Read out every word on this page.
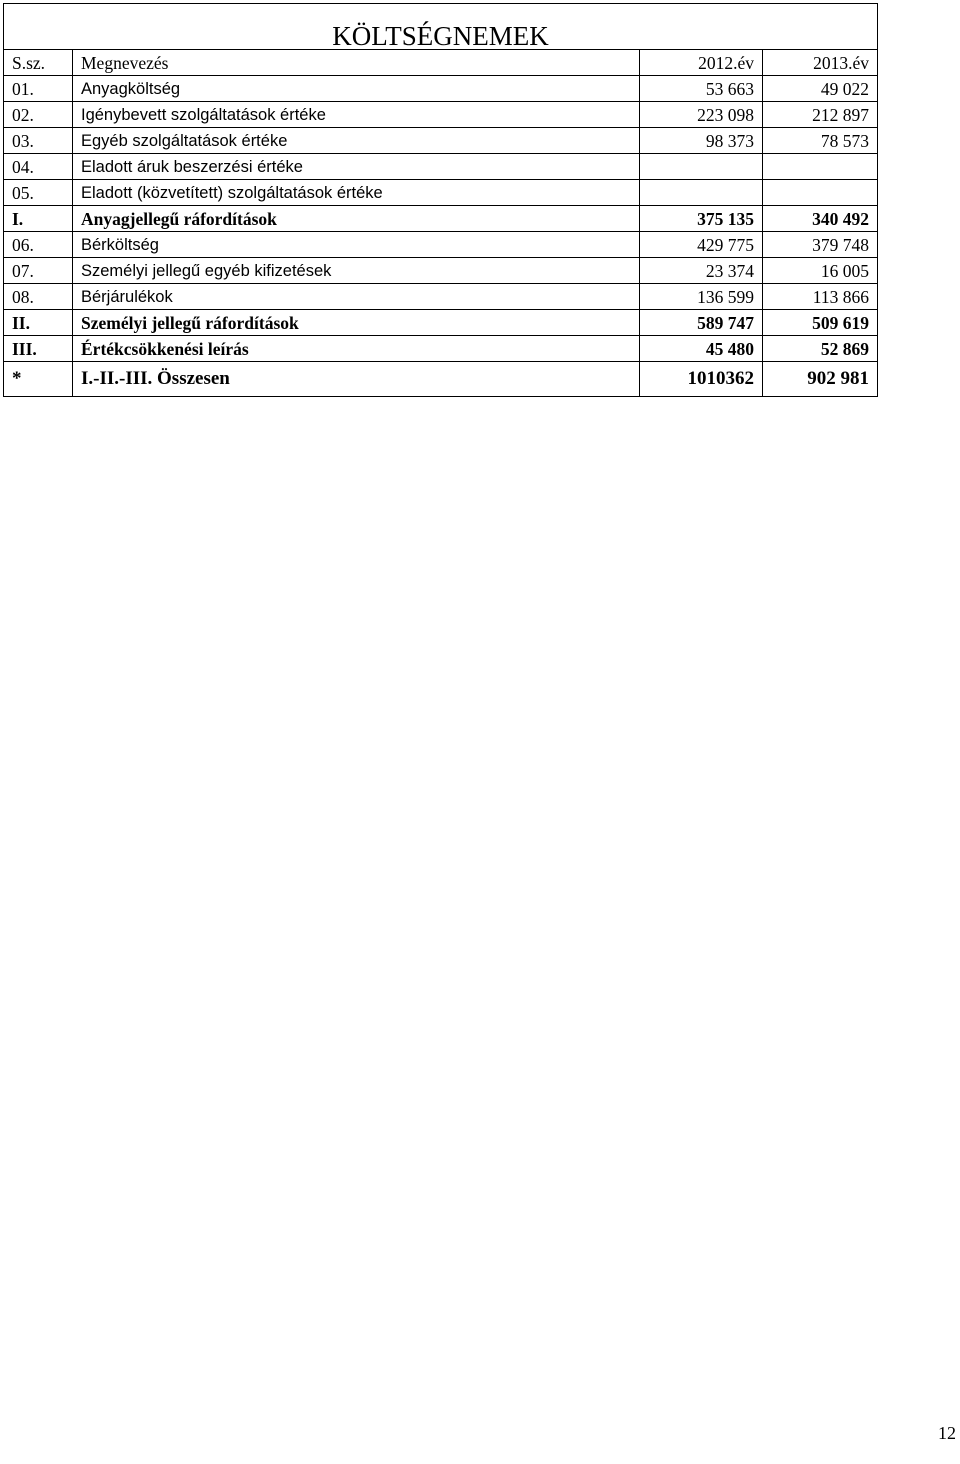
KÖLTSÉGNEMEK			
S.sz.	Megnevezés	2012.év	2013.év
01.	Anyagköltség	53 663	49 022
02.	Igénybevett szolgáltatások értéke	223 098	212 897
03.	Egyéb szolgáltatások értéke	98 373	78 573
04.	Eladott áruk beszerzési értéke		
05.	Eladott (közvetített) szolgáltatások értéke		
I.	Anyagjellegű ráfordítások	375 135	340 492
06.	Bérköltség	429 775	379 748
07.	Személyi jellegű egyéb kifizetések	23 374	16 005
08.	Bérjárulékok	136 599	113 866
II.	Személyi jellegű ráfordítások	589 747	509 619
III.	Értékcsökkenési leírás	45 480	52 869
*	I.-II.-III. Összesen	1010362	902 981
12
